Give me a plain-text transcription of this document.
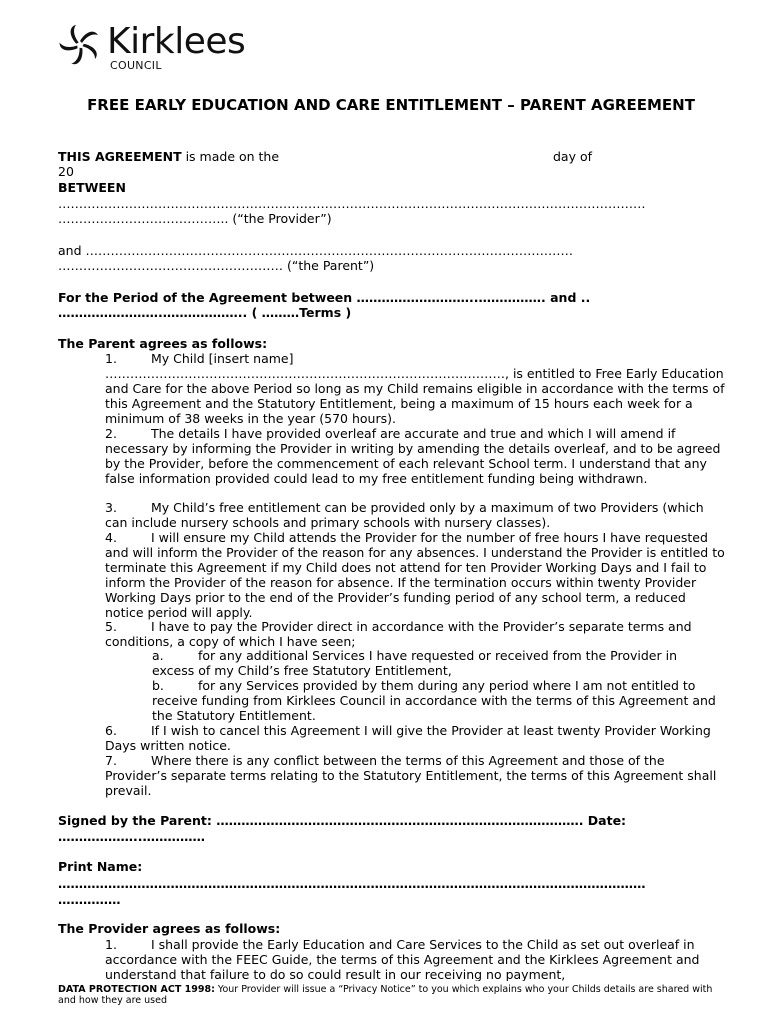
Kirklees
COUNCIL
FREE EARLY EDUCATION AND CARE ENTITLEMENT – PARENT AGREEMENT
THIS AGREEMENT is made on the	day of
20
BETWEEN
……………………………………………………………………………………………………………………………
………………………………….. (“the Provider”)
and ………………………………………………………………………………………………………
……………………………………………… (“the Parent”)
For the Period of the Agreement between ………………………..……………. and ..
…………………….……………….. ( ………Terms )
The Parent agrees as follows:
1.	My Child [insert name]
……………………………………………………………………………………, is entitled to Free Early Education and Care for the above Period so long as my Child remains eligible in accordance with the terms of this Agreement and the Statutory Entitlement, being a maximum of 15 hours each week for a minimum of 38 weeks in the year (570 hours).
2.	The details I have provided overleaf are accurate and true and which I will amend if necessary by informing the Provider in writing by amending the details overleaf, and to be agreed by the Provider, before the commencement of each relevant School term. I understand that any false information provided could lead to my free entitlement funding being withdrawn.
3.	My Child’s free entitlement can be provided only by a maximum of two Providers (which can include nursery schools and primary schools with nursery classes).
4.	I will ensure my Child attends the Provider for the number of free hours I have requested and will inform the Provider of the reason for any absences. I understand the Provider is entitled to terminate this Agreement if my Child does not attend for ten Provider Working Days and I fail to inform the Provider of the reason for absence. If the termination occurs within twenty Provider Working Days prior to the end of the Provider’s funding period of any school term, a reduced notice period will apply.
5.	I have to pay the Provider direct in accordance with the Provider’s separate terms and conditions, a copy of which I have seen;
a.	for any additional Services I have requested or received from the Provider in excess of my Child’s free Statutory Entitlement,
b.	for any Services provided by them during any period where I am not entitled to receive funding from Kirklees Council in accordance with the terms of this Agreement and the Statutory Entitlement.
6.	If I wish to cancel this Agreement I will give the Provider at least twenty Provider Working Days written notice.
7.	Where there is any conflict between the terms of this Agreement and those of the Provider’s separate terms relating to the Statutory Entitlement, the terms of this Agreement shall prevail.
Signed by the Parent: ……………………………………………………………………………. Date:
………………..……………
Print Name:
……………………………………………………………………………………………………………………………
……………
The Provider agrees as follows:
1.	I shall provide the Early Education and Care Services to the Child as set out overleaf in accordance with the FEEC Guide, the terms of this Agreement and the Kirklees Agreement and understand that failure to do so could result in our receiving no payment,
DATA PROTECTION ACT 1998: Your Provider will issue a “Privacy Notice” to you which explains who your Childs details are shared with and how they are used
